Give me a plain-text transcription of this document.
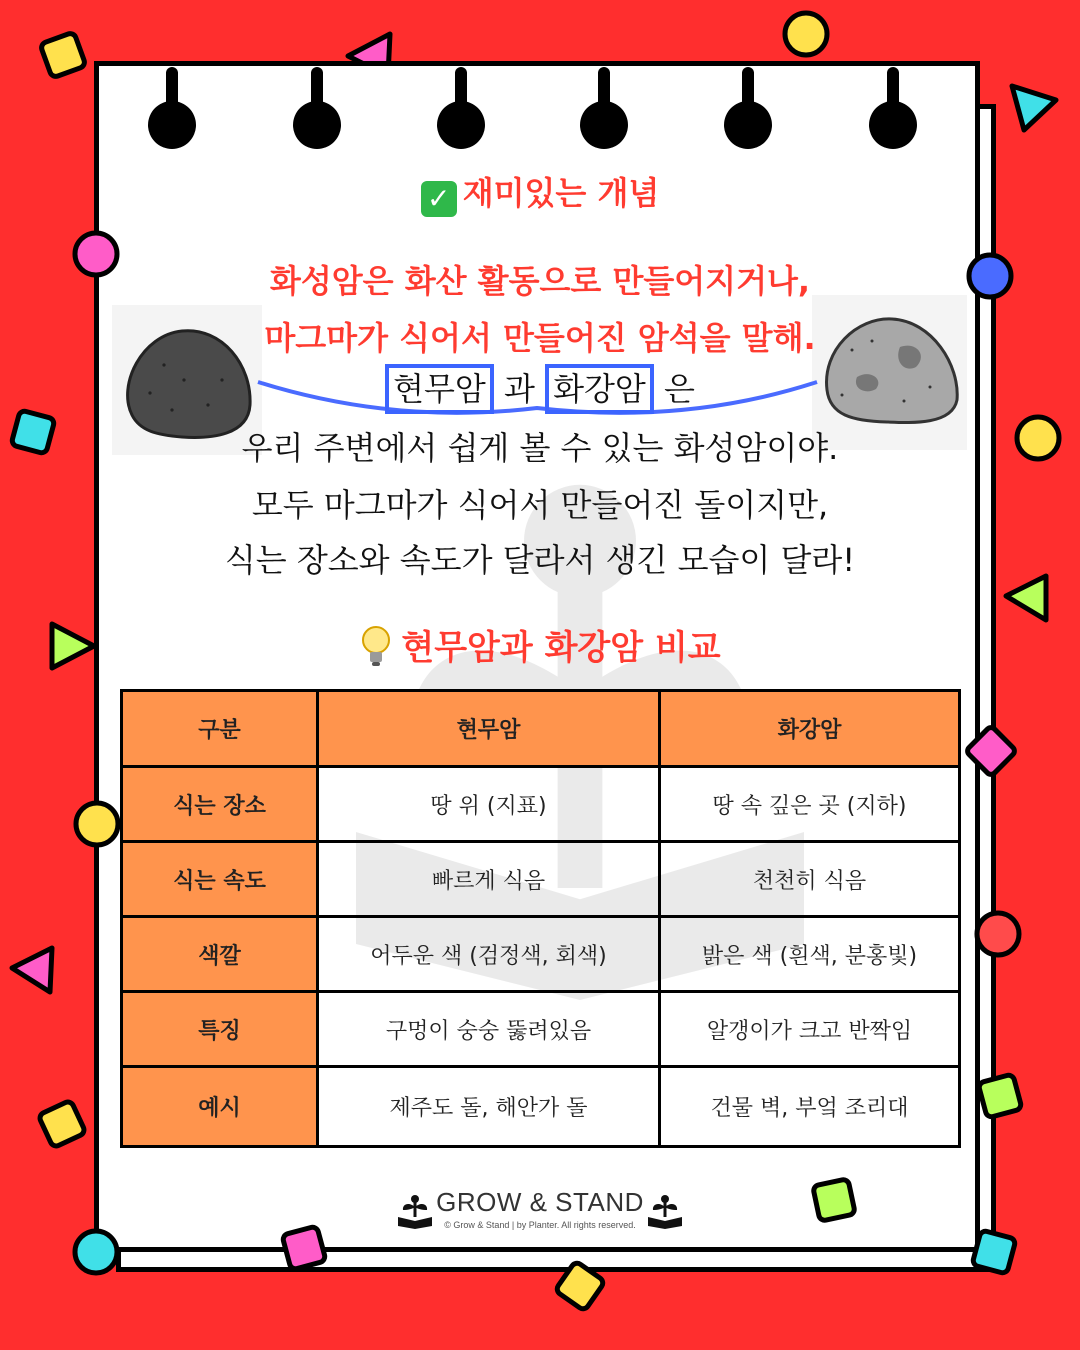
✓ 재미있는 개념
화성암은 화산 활동으로 만들어지거나,
마그마가 식어서 만들어진 암석을 말해.
현무암 과 화강암 은
우리 주변에서 쉽게 볼 수 있는 화성암이야.
모두 마그마가 식어서 만들어진 돌이지만,
식는 장소와 속도가 달라서 생긴 모습이 달라!
현무암과 화강암 비교
구분	현무암	화강암
식는 장소	땅 위 (지표)	땅 속 깊은 곳 (지하)
식는 속도	빠르게 식음	천천히 식음
색깔	어두운 색 (검정색, 회색)	밝은 색 (흰색, 분홍빛)
특징	구멍이 숭숭 뚫려있음	알갱이가 크고 반짝임
예시	제주도 돌, 해안가 돌	건물 벽, 부엌 조리대
GROW & STAND
© Grow & Stand | by Planter. All rights reserved.
